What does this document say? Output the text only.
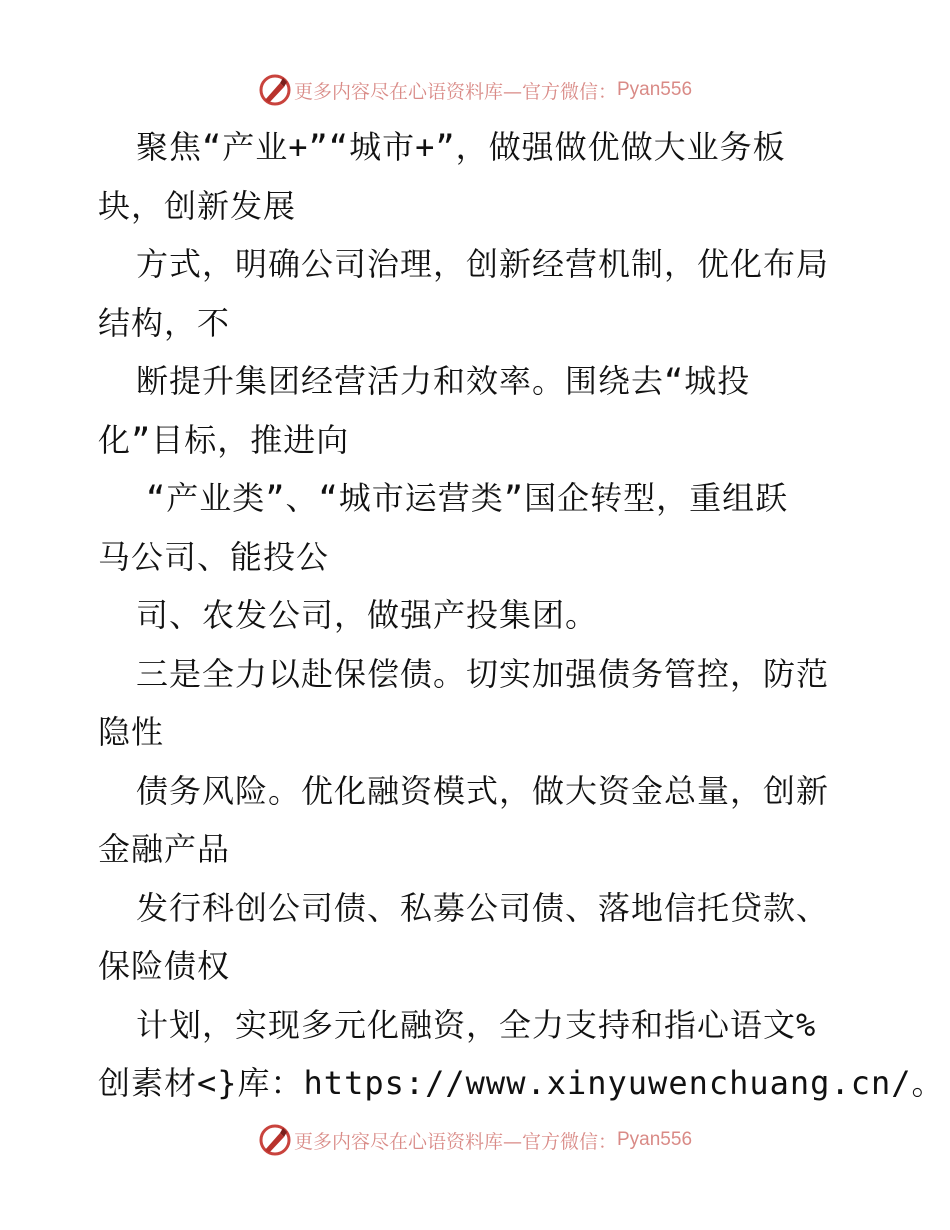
更多内容尽在心语资料库—官方微信： Pyan556
聚焦“产业+”“城市+”，做强做优做大业务板
块，创新发展
方式，明确公司治理，创新经营机制，优化布局
结构，不
断提升集团经营活力和效率。围绕去“城投
化”目标，推进向
“产业类”、“城市运营类”国企转型，重组跃
马公司、能投公
司、农发公司，做强产投集团。
三是全力以赴保偿债。切实加强债务管控，防范
隐性
债务风险。优化融资模式，做大资金总量，创新
金融产品
发行科创公司债、私募公司债、落地信托贷款、
保险债权
计划，实现多元化融资，全力支持和指心语文%
创素材<}库：https://www.xinyuwenchuang.cn/。
更多内容尽在心语资料库—官方微信： Pyan556
